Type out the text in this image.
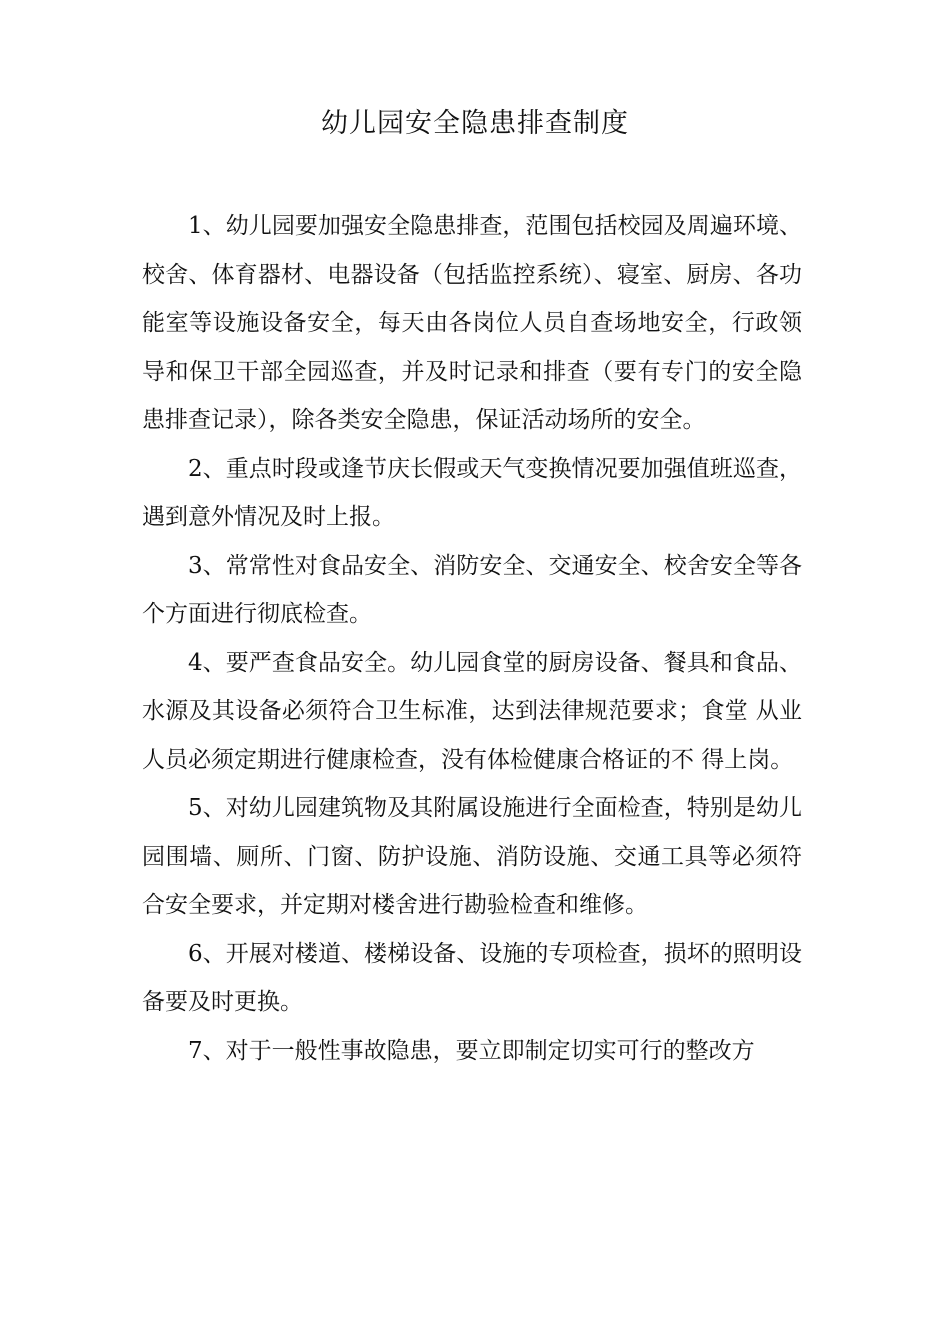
幼儿园安全隐患排查制度

1、幼儿园要加强安全隐患排查，范围包括校园及周遍环境、校舍、体育器材、电器设备（包括监控系统）、寝室、厨房、各功能室等设施设备安全，每天由各岗位人员自查场地安全，行政领导和保卫干部全园巡查，并及时记录和排查（要有专门的安全隐患排查记录），除各类安全隐患，保证活动场所的安全。

2、重点时段或逢节庆长假或天气变换情况要加强值班巡查，遇到意外情况及时上报。

3、常常性对食品安全、消防安全、交通安全、校舍安全等各个方面进行彻底检查。

4、要严查食品安全。幼儿园食堂的厨房设备、餐具和食品、水源及其设备必须符合卫生标准，达到法律规范要求；食堂 从业人员必须定期进行健康检查，没有体检健康合格证的不 得上岗。

5、对幼儿园建筑物及其附属设施进行全面检查，特别是幼儿园围墙、厕所、门窗、防护设施、消防设施、交通工具等必须符合安全要求，并定期对楼舍进行勘验检查和维修。

6、开展对楼道、楼梯设备、设施的专项检查，损坏的照明设备要及时更换。

7、对于一般性事故隐患，要立即制定切实可行的整改方
